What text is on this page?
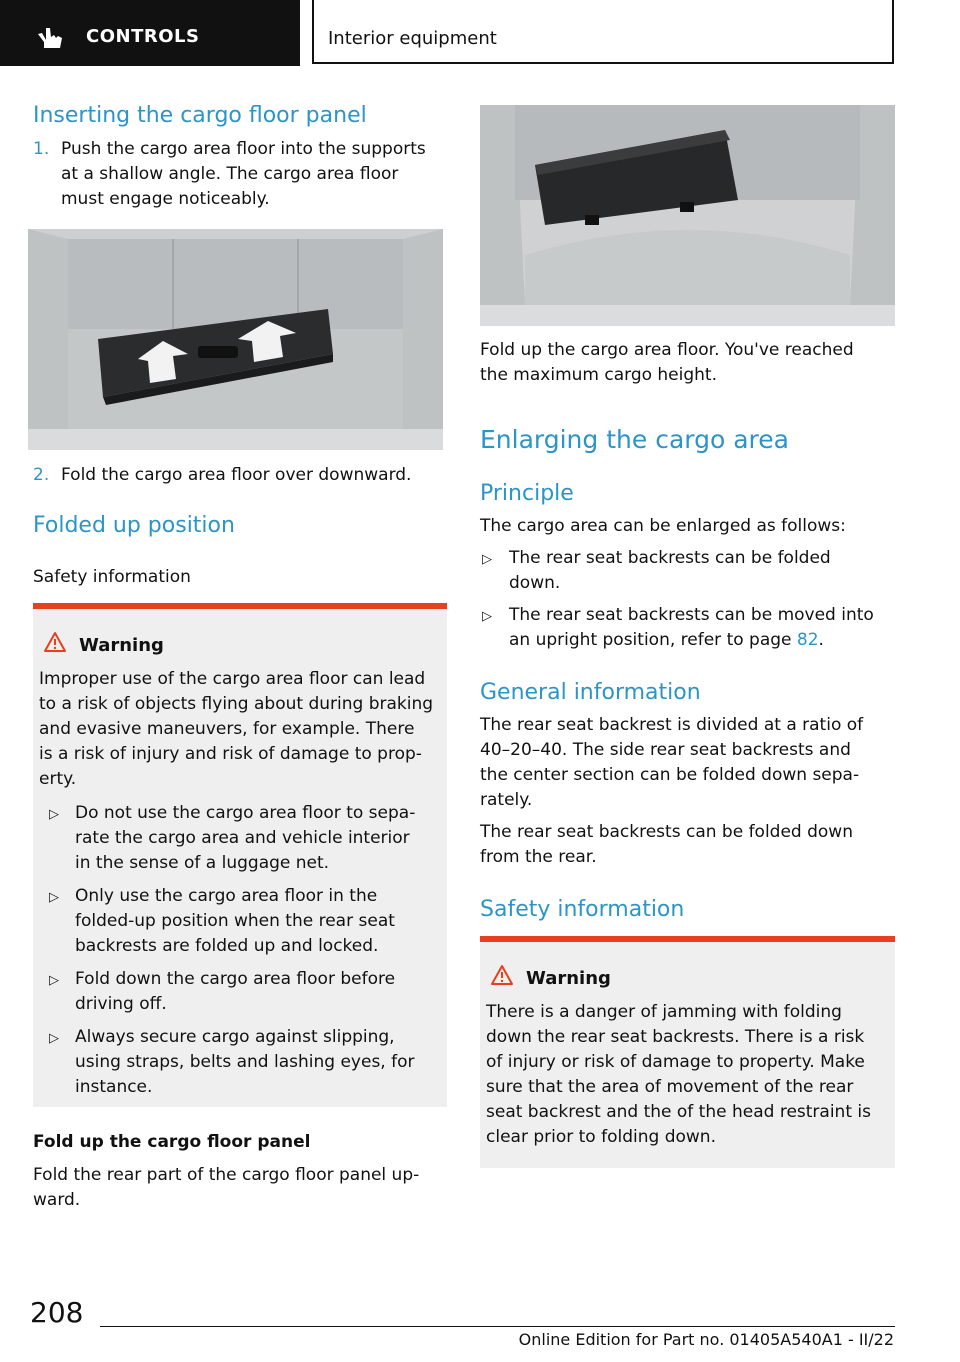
CONTROLS	Interior equipment
Inserting the cargo floor panel
1. Push the cargo area floor into the supports
at a shallow angle. The cargo area floor
must engage noticeably.
2. Fold the cargo area floor over downward.
Folded up position
Safety information
Warning
Improper use of the cargo area floor can lead
to a risk of objects flying about during braking
and evasive maneuvers, for example. There
is a risk of injury and risk of damage to prop-
erty.
▷ Do not use the cargo area floor to sepa-
rate the cargo area and vehicle interior
in the sense of a luggage net.
▷ Only use the cargo area floor in the
folded-up position when the rear seat
backrests are folded up and locked.
▷ Fold down the cargo area floor before
driving off.
▷ Always secure cargo against slipping,
using straps, belts and lashing eyes, for
instance.
Fold up the cargo floor panel
Fold the rear part of the cargo floor panel up-
ward.
Fold up the cargo area floor. You've reached
the maximum cargo height.
Enlarging the cargo area
Principle
The cargo area can be enlarged as follows:
▷ The rear seat backrests can be folded
down.
▷ The rear seat backrests can be moved into
an upright position, refer to page 82.
General information
The rear seat backrest is divided at a ratio of
40–20–40. The side rear seat backrests and
the center section can be folded down sepa-
rately.
The rear seat backrests can be folded down
from the rear.
Safety information
Warning
There is a danger of jamming with folding
down the rear seat backrests. There is a risk
of injury or risk of damage to property. Make
sure that the area of movement of the rear
seat backrest and the of the head restraint is
clear prior to folding down.
208
Online Edition for Part no. 01405A540A1 - II/22
